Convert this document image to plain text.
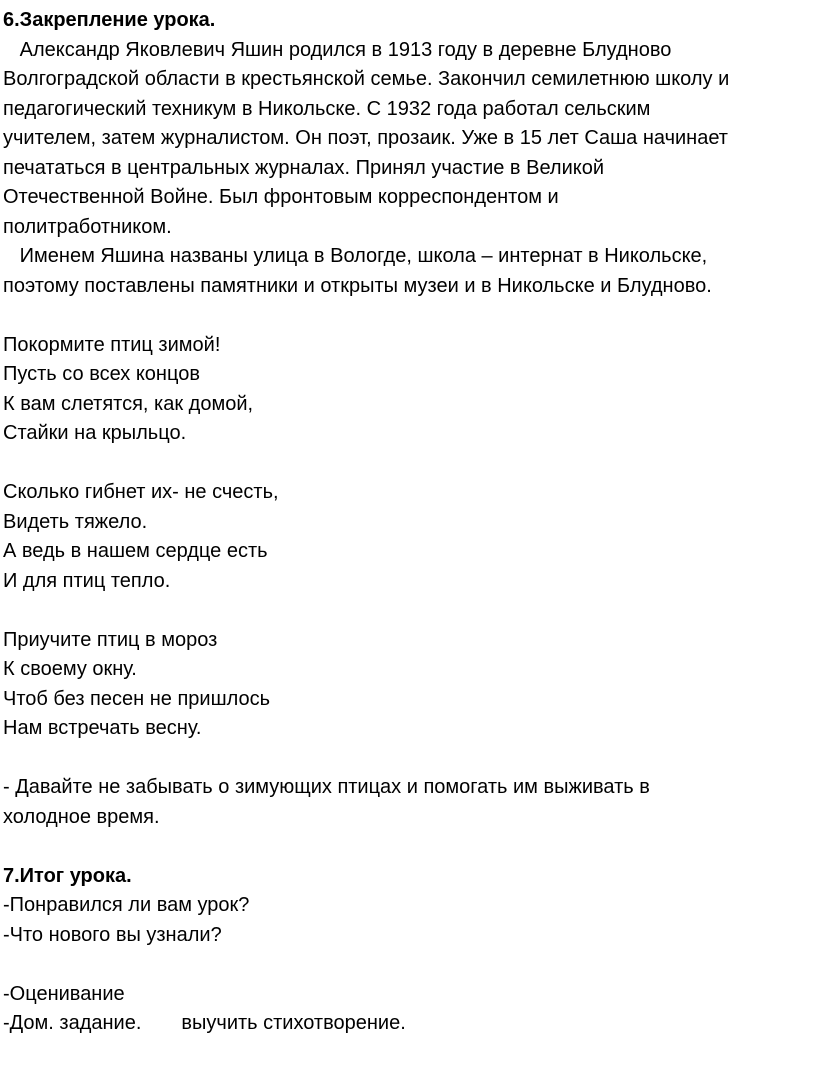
6.Закрепление урока.
Александр Яковлевич Яшин родился в 1913 году в деревне Блудново
Волгоградской области в крестьянской семье. Закончил семилетнюю школу и
педагогический техникум в Никольске. С 1932 года работал сельским
учителем, затем журналистом. Он поэт, прозаик. Уже в 15 лет Саша начинает
печататься в центральных журналах. Принял участие в Великой
Отечественной Войне. Был фронтовым корреспондентом и
политработником.
Именем Яшина названы улица в Вологде, школа – интернат в Никольске,
поэтому поставлены памятники и открыты музеи и в Никольске и Блудново.
Покормите птиц зимой!
Пусть со всех концов
К вам слетятся, как домой,
Стайки на крыльцо.
Сколько гибнет их- не счесть,
Видеть тяжело.
А ведь в нашем сердце есть
И для птиц тепло.
Приучите птиц в мороз
К своему окну.
Чтоб без песен не пришлось
Нам встречать весну.
- Давайте не забывать о зимующих птицах и помогать им выживать в
холодное время.
7.Итог урока.
-Понравился ли вам урок?
-Что нового вы узнали?
-Оценивание
-Дом. задание. выучить стихотворение.
